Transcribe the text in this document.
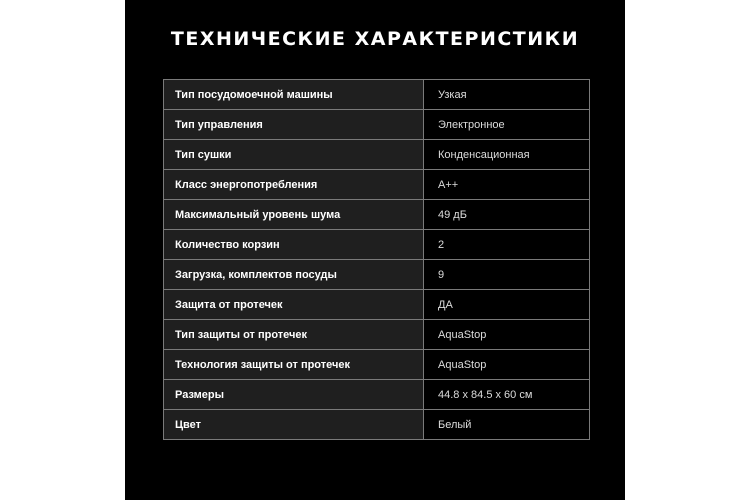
ТЕХНИЧЕСКИЕ ХАРАКТЕРИСТИКИ
Тип посудомоечной машины	Узкая
Тип управления	Электронное
Тип сушки	Конденсационная
Класс энергопотребления	A++
Максимальный уровень шума	49 дБ
Количество корзин	2
Загрузка, комплектов посуды	9
Защита от протечек	ДА
Тип защиты от протечек	AquaStop
Технология защиты от протечек	AquaStop
Размеры	44.8 x 84.5 x 60 см
Цвет	Белый
